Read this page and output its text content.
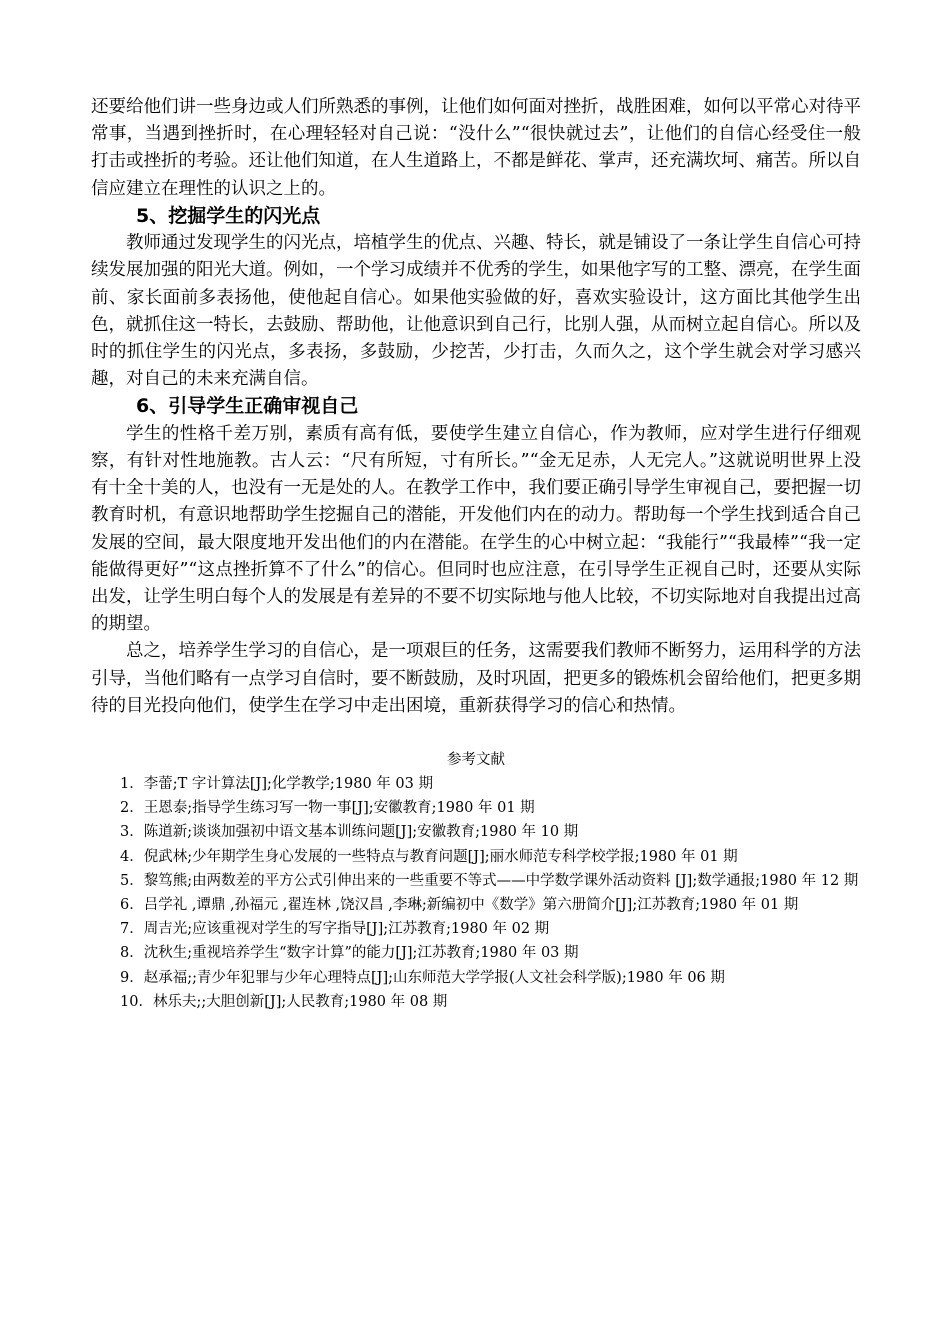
还要给他们讲一些身边或人们所熟悉的事例，让他们如何面对挫折，战胜困难，如何以平常心对待平常事，当遇到挫折时，在心理轻轻对自己说：“没什么”“很快就过去”，让他们的自信心经受住一般打击或挫折的考验。还让他们知道，在人生道路上，不都是鲜花、掌声，还充满坎坷、痛苦。所以自信应建立在理性的认识之上的。

5、挖掘学生的闪光点

教师通过发现学生的闪光点，培植学生的优点、兴趣、特长，就是铺设了一条让学生自信心可持续发展加强的阳光大道。例如，一个学习成绩并不优秀的学生，如果他字写的工整、漂亮，在学生面前、家长面前多表扬他，使他起自信心。如果他实验做的好，喜欢实验设计，这方面比其他学生出色，就抓住这一特长，去鼓励、帮助他，让他意识到自己行，比别人强，从而树立起自信心。所以及时的抓住学生的闪光点，多表扬，多鼓励，少挖苦，少打击，久而久之，这个学生就会对学习感兴趣，对自己的未来充满自信。

6、引导学生正确审视自己

学生的性格千差万别，素质有高有低，要使学生建立自信心，作为教师，应对学生进行仔细观察，有针对性地施教。古人云：“尺有所短，寸有所长。”“金无足赤，人无完人。”这就说明世界上没有十全十美的人，也没有一无是处的人。在教学工作中，我们要正确引导学生审视自己，要把握一切教育时机，有意识地帮助学生挖掘自己的潜能，开发他们内在的动力。帮助每一个学生找到适合自己发展的空间，最大限度地开发出他们的内在潜能。在学生的心中树立起：“我能行”“我最棒”“我一定能做得更好”“这点挫折算不了什么”的信心。但同时也应注意，在引导学生正视自己时，还要从实际出发，让学生明白每个人的发展是有差异的不要不切实际地与他人比较，不切实际地对自我提出过高的期望。

总之，培养学生学习的自信心，是一项艰巨的任务，这需要我们教师不断努力，运用科学的方法引导，当他们略有一点学习自信时，要不断鼓励，及时巩固，把更多的锻炼机会留给他们，把更多期待的目光投向他们，使学生在学习中走出困境，重新获得学习的信心和热情。

参考文献

1．李蕾;T 字计算法[J];化学教学;1980 年 03 期

2．王恩泰;指导学生练习写一物一事[J];安徽教育;1980 年 01 期

3．陈道新;谈谈加强初中语文基本训练问题[J];安徽教育;1980 年 10 期

4．倪武林;少年期学生身心发展的一些特点与教育问题[J];丽水师范专科学校学报;1980 年 01 期

5．黎笃熊;由两数差的平方公式引伸出来的一些重要不等式——中学数学课外活动资料 [J];数学通报;1980 年 12 期

6．吕学礼 ,谭鼎 ,孙福元 ,翟连林 ,饶汉昌 ,李琳;新编初中《数学》第六册简介[J];江苏教育;1980 年 01 期

7．周吉光;应该重视对学生的写字指导[J];江苏教育;1980 年 02 期

8．沈秋生;重视培养学生“数字计算”的能力[J];江苏教育;1980 年 03 期

9．赵承福;;青少年犯罪与少年心理特点[J];山东师范大学学报(人文社会科学版);1980 年 06 期

10．林乐夫;;大胆创新[J];人民教育;1980 年 08 期
